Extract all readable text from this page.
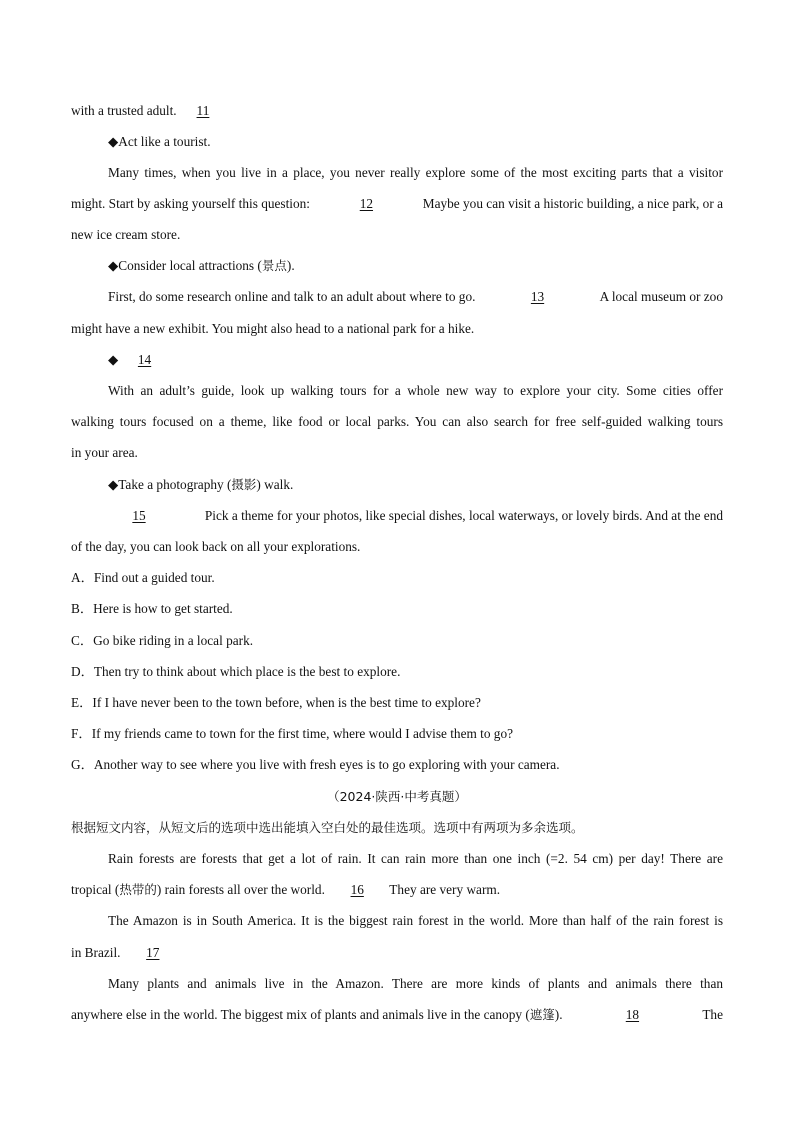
with a trusted adult. 11
◆Act like a tourist.
Many times, when you live in a place, you never really explore some of the most exciting parts that a visitor
might. Start by asking yourself this question:	12	Maybe you can visit a historic building, a nice park, or a
new ice cream store.
◆Consider local attractions (景点).
First, do some research online and talk to an adult about where to go.	13	A local museum or zoo
might have a new exhibit. You might also head to a national park for a hike.
◆ 14
With an adult’s guide, look up walking tours for a whole new way to explore your city. Some cities offer
walking tours focused on a theme, like food or local parks. You can also search for free self-guided walking tours
in your area.
◆Take a photography (摄影) walk.
15	Pick a theme for your photos, like special dishes, local waterways, or lovely birds. And at the end
of the day, you can look back on all your explorations.
A．Find out a guided tour.
B．Here is how to get started.
C．Go bike riding in a local park.
D．Then try to think about which place is the best to explore.
E．If I have never been to the town before, when is the best time to explore?
F．If my friends came to town for the first time, where would I advise them to go?
G．Another way to see where you live with fresh eyes is to go exploring with your camera.
（2024·陕西·中考真题）
根据短文内容，从短文后的选项中选出能填入空白处的最佳选项。选项中有两项为多余选项。
Rain forests are forests that get a lot of rain. It can rain more than one inch (=2. 54 cm) per day! There are
tropical (热带的) rain forests all over the world. 16 They are very warm.
The Amazon is in South America. It is the biggest rain forest in the world. More than half of the rain forest is
in Brazil. 17
Many plants and animals live in the Amazon. There are more kinds of plants and animals there than
anywhere else in the world. The biggest mix of plants and animals live in the canopy (遮篷).	18	The
